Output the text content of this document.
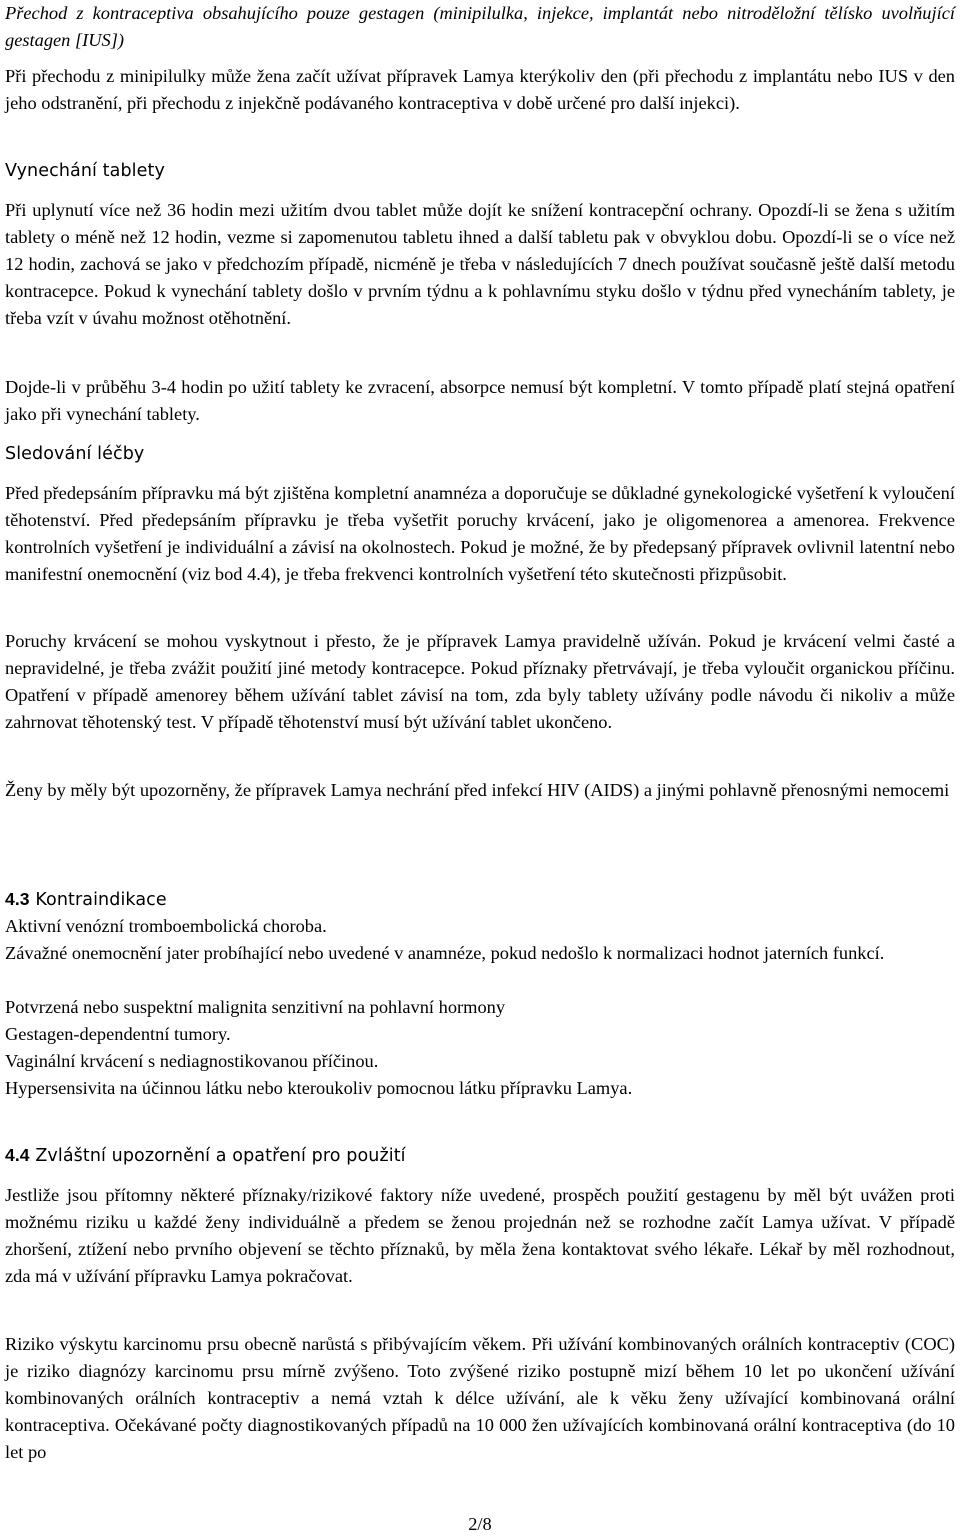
Přechod z kontraceptiva obsahujícího pouze gestagen (minipilulka, injekce, implantát nebo nitroděložní tělísko uvolňující gestagen [IUS])

Při přechodu z minipilulky může žena začít užívat přípravek Lamya kterýkoliv den (při přechodu z implantátu nebo IUS v den jeho odstranění, při přechodu z injekčně podávaného kontraceptiva v době určené pro další injekci).

Vynechání tablety

Při uplynutí více než 36 hodin mezi užitím dvou tablet může dojít ke snížení kontracepční ochrany. Opozdí-li se žena s užitím tablety o méně než 12 hodin, vezme si zapomenutou tabletu ihned a další tabletu pak v obvyklou dobu. Opozdí-li se o více než 12 hodin, zachová se jako v předchozím případě, nicméně je třeba v následujících 7 dnech používat současně ještě další metodu kontracepce. Pokud k vynechání tablety došlo v prvním týdnu a k pohlavnímu styku došlo v týdnu před vynecháním tablety, je třeba vzít v úvahu možnost otěhotnění.

Dojde-li v průběhu 3-4 hodin po užití tablety ke zvracení, absorpce nemusí být kompletní. V tomto případě platí stejná opatření jako při vynechání tablety.

Sledování léčby

Před předepsáním přípravku má být zjištěna kompletní anamnéza a doporučuje se důkladné gynekologické vyšetření k vyloučení těhotenství. Před předepsáním přípravku je třeba vyšetřit poruchy krvácení, jako je oligomenorea a amenorea. Frekvence kontrolních vyšetření je individuální a závisí na okolnostech. Pokud je možné, že by předepsaný přípravek ovlivnil latentní nebo manifestní onemocnění (viz bod 4.4), je třeba frekvenci kontrolních vyšetření této skutečnosti přizpůsobit.

Poruchy krvácení se mohou vyskytnout i přesto, že je přípravek Lamya pravidelně užíván. Pokud je krvácení velmi časté a nepravidelné, je třeba zvážit použití jiné metody kontracepce. Pokud příznaky přetrvávají, je třeba vyloučit organickou příčinu. Opatření v případě amenorey během užívání tablet závisí na tom, zda byly tablety užívány podle návodu či nikoliv a může zahrnovat těhotenský test. V případě těhotenství musí být užívání tablet ukončeno.

Ženy by měly být upozorněny, že přípravek Lamya nechrání před infekcí HIV (AIDS) a jinými pohlavně přenosnými nemocemi

4.3 Kontraindikace

Aktivní venózní tromboembolická choroba.

Závažné onemocnění jater probíhající nebo uvedené v anamnéze, pokud nedošlo k normalizaci hodnot jaterních funkcí.

Potvrzená nebo suspektní malignita senzitivní na pohlavní hormony

Gestagen-dependentní tumory.

Vaginální krvácení s nediagnostikovanou příčinou.

Hypersensivita na účinnou látku nebo kteroukoliv pomocnou látku přípravku Lamya.

4.4 Zvláštní upozornění a opatření pro použití

Jestliže jsou přítomny některé příznaky/rizikové faktory níže uvedené, prospěch použití gestagenu by měl být uvážen proti možnému riziku u každé ženy individuálně a předem se ženou projednán než se rozhodne začít Lamya užívat. V případě zhoršení, ztížení nebo prvního objevení se těchto příznaků, by měla žena kontaktovat svého lékaře. Lékař by měl rozhodnout, zda má v užívání přípravku Lamya pokračovat.

Riziko výskytu karcinomu prsu obecně narůstá s přibývajícím věkem. Při užívání kombinovaných orálních kontraceptiv (COC) je riziko diagnózy karcinomu prsu mírně zvýšeno. Toto zvýšené riziko postupně mizí během 10 let po ukončení užívání kombinovaných orálních kontraceptiv a nemá vztah k délce užívání, ale k věku ženy užívající kombinovaná orální kontraceptiva. Očekávané počty diagnostikovaných případů na 10 000 žen užívajících kombinovaná orální kontraceptiva (do 10 let po

2/8
